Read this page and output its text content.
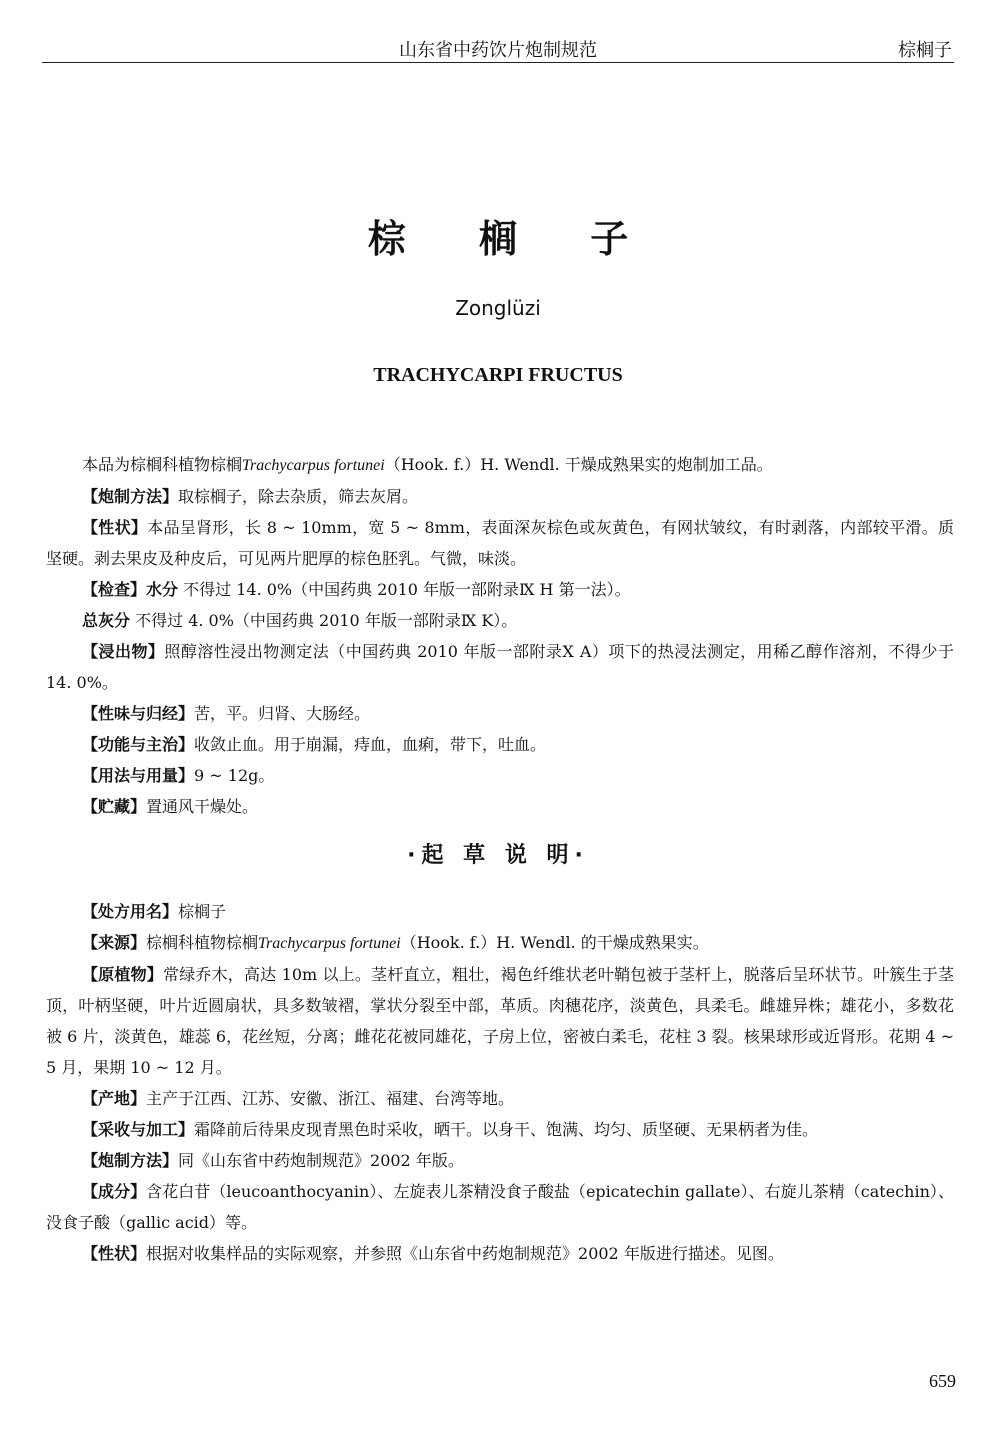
山东省中药饮片炮制规范	棕榈子
棕 榈 子
Zonglüzi
TRACHYCARPI FRUCTUS

本品为棕榈科植物棕榈Trachycarpus fortunei（Hook. f.）H. Wendl. 干燥成熟果实的炮制加工品。

【炮制方法】取棕榈子，除去杂质，筛去灰屑。

【性状】本品呈肾形，长 8 ~ 10mm，宽 5 ~ 8mm，表面深灰棕色或灰黄色，有网状皱纹，有时剥落，内部较平滑。质坚硬。剥去果皮及种皮后，可见两片肥厚的棕色胚乳。气微，味淡。

【检查】水分 不得过 14. 0%（中国药典 2010 年版一部附录Ⅸ H 第一法）。

总灰分 不得过 4. 0%（中国药典 2010 年版一部附录Ⅸ K）。

【浸出物】照醇溶性浸出物测定法（中国药典 2010 年版一部附录Ⅹ A）项下的热浸法测定，用稀乙醇作溶剂，不得少于 14. 0%。

【性味与归经】苦，平。归肾、大肠经。

【功能与主治】收敛止血。用于崩漏，痔血，血痢，带下，吐血。

【用法与用量】9 ~ 12g。

【贮藏】置通风干燥处。

·起 草 说 明·

【处方用名】棕榈子

【来源】棕榈科植物棕榈Trachycarpus fortunei（Hook. f.）H. Wendl. 的干燥成熟果实。

【原植物】常绿乔木，高达 10m 以上。茎杆直立，粗壮，褐色纤维状老叶鞘包被于茎杆上，脱落后呈环状节。叶簇生于茎顶，叶柄坚硬，叶片近圆扇状，具多数皱褶，掌状分裂至中部，革质。肉穗花序，淡黄色，具柔毛。雌雄异株；雄花小，多数花被 6 片，淡黄色，雄蕊 6，花丝短，分离；雌花花被同雄花，子房上位，密被白柔毛，花柱 3 裂。核果球形或近肾形。花期 4 ~ 5 月，果期 10 ~ 12 月。

【产地】主产于江西、江苏、安徽、浙江、福建、台湾等地。

【采收与加工】霜降前后待果皮现青黑色时采收，晒干。以身干、饱满、均匀、质坚硬、无果柄者为佳。

【炮制方法】同《山东省中药炮制规范》2002 年版。

【成分】含花白苷（leucoanthocyanin）、左旋表儿茶精没食子酸盐（epicatechin gallate）、右旋儿茶精（catechin）、没食子酸（gallic acid）等。

【性状】根据对收集样品的实际观察，并参照《山东省中药炮制规范》2002 年版进行描述。见图。

659
